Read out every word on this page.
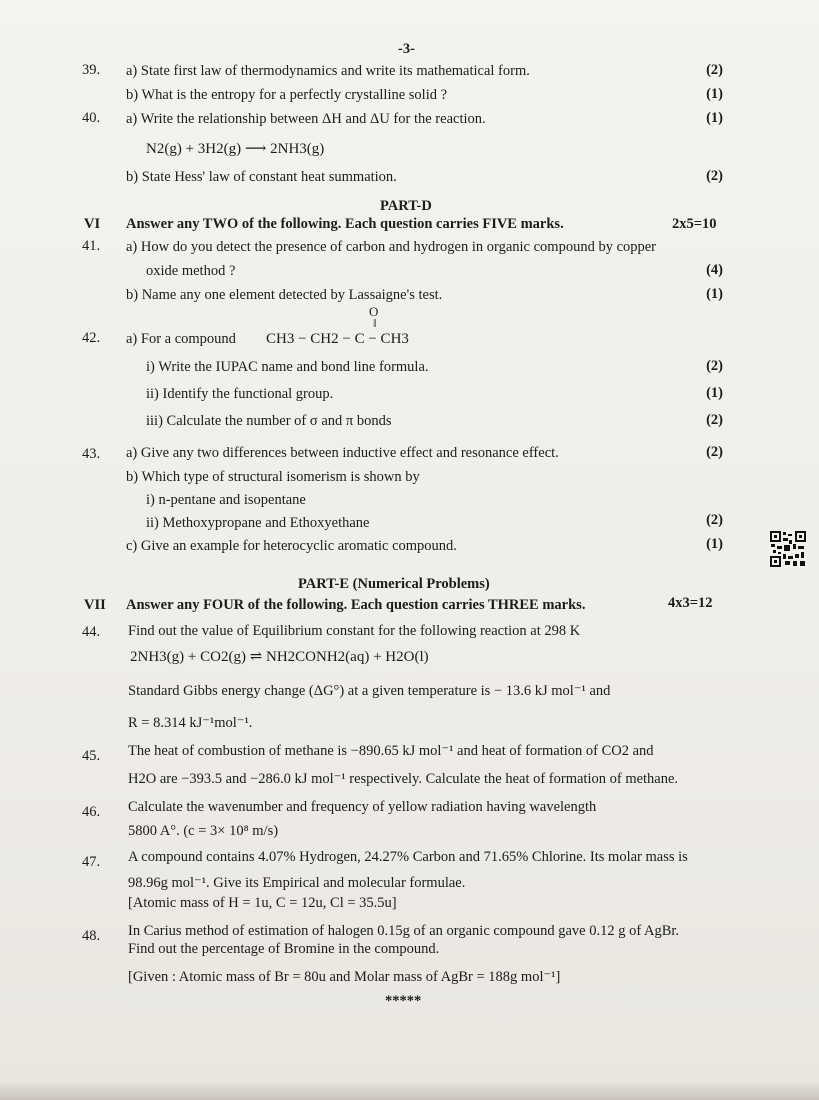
-3-
39. a) State first law of thermodynamics and write its mathematical form.	(2)
b) What is the entropy for a perfectly crystalline solid ?	(1)
40. a) Write the relationship between ΔH and ΔU for the reaction.	(1)
N2(g) + 3H2(g) ⟶ 2NH3(g)
b) State Hess' law of constant heat summation.	(2)
PART-D
VI Answer any TWO of the following. Each question carries FIVE marks.	2x5=10
41. a) How do you detect the presence of carbon and hydrogen in organic compound by copper
oxide method ?	(4)
b) Name any one element detected by Lassaigne's test.	(1)
42. a) For a compound
O
‖
CH3 − CH2 − C − CH3
i) Write the IUPAC name and bond line formula.	(2)
ii) Identify the functional group.	(1)
iii) Calculate the number of σ and π bonds	(2)
43. a) Give any two differences between inductive effect and resonance effect.	(2)
b) Which type of structural isomerism is shown by
i) n-pentane and isopentane
ii) Methoxypropane and Ethoxyethane	(2)
c) Give an example for heterocyclic aromatic compound.	(1)
PART-E (Numerical Problems)
VII Answer any FOUR of the following. Each question carries THREE marks.	4x3=12
44. Find out the value of Equilibrium constant for the following reaction at 298 K
2NH3(g) + CO2(g) ⇌ NH2CONH2(aq) + H2O(l)
Standard Gibbs energy change (ΔG°) at a given temperature is − 13.6 kJ mol⁻¹ and
R = 8.314 kJ⁻¹mol⁻¹.
45. The heat of combustion of methane is −890.65 kJ mol⁻¹ and heat of formation of CO2 and
H2O are −393.5 and −286.0 kJ mol⁻¹ respectively. Calculate the heat of formation of methane.
46. Calculate the wavenumber and frequency of yellow radiation having wavelength
5800 A°. (c = 3× 10⁸ m/s)
47. A compound contains 4.07% Hydrogen, 24.27% Carbon and 71.65% Chlorine. Its molar mass is
98.96g mol⁻¹. Give its Empirical and molecular formulae.
[Atomic mass of H = 1u, C = 12u, Cl = 35.5u]
48. In Carius method of estimation of halogen 0.15g of an organic compound gave 0.12 g of AgBr.
Find out the percentage of Bromine in the compound.
[Given : Atomic mass of Br = 80u and Molar mass of AgBr = 188g mol⁻¹]
*****
